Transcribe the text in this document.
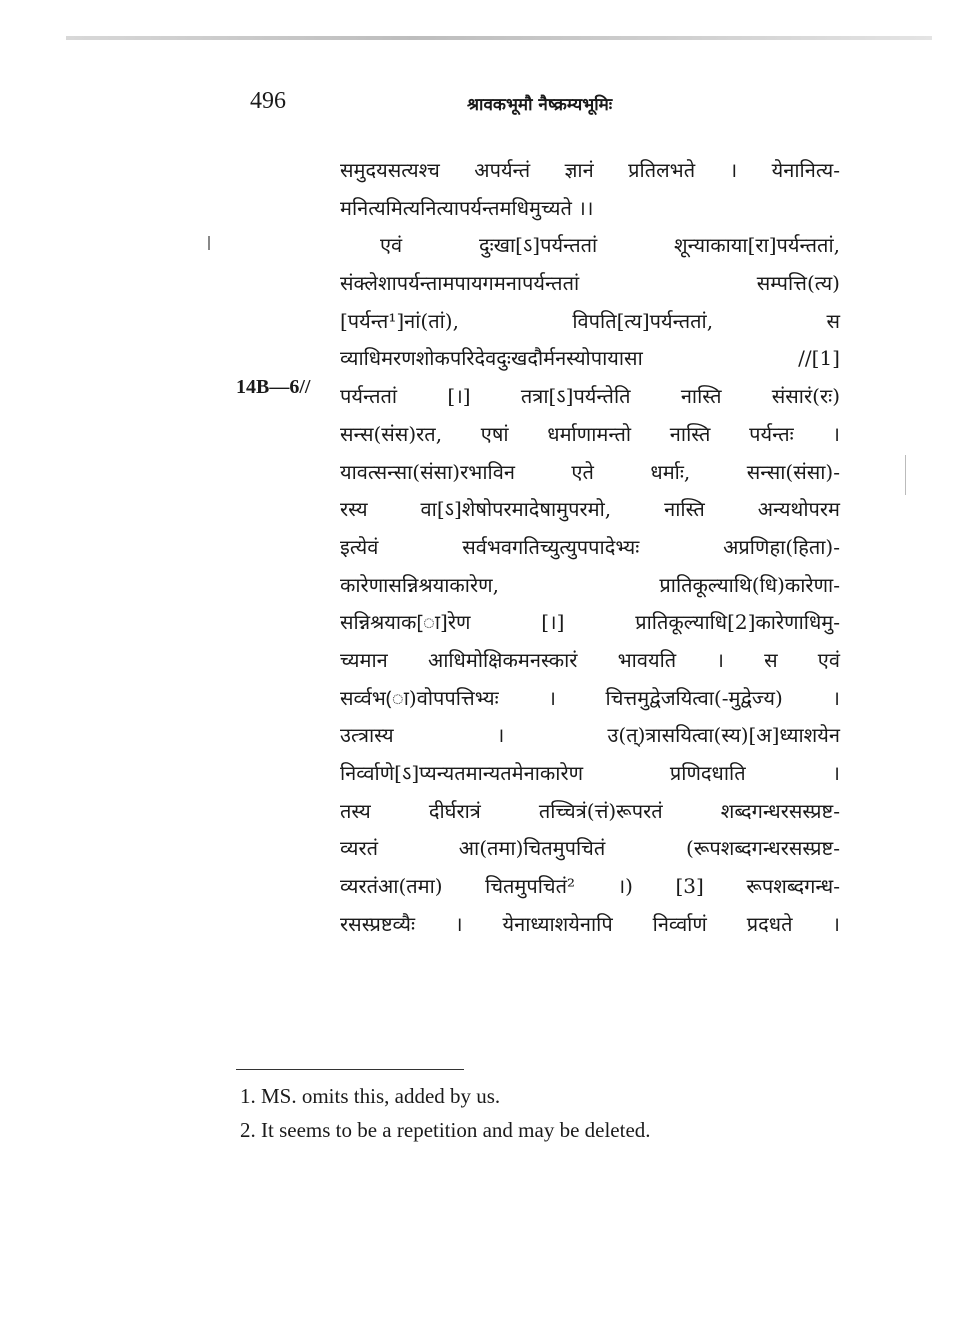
496	श्रावकभूमौ नैष्क्रम्यभूमिः
14B—6//
समुदयसत्यश्च अपर्यन्तं ज्ञानं प्रतिलभते । येनानित्य-
मनित्यमित्यनित्यापर्यन्तमधिमुच्यते ।।
एवं दुःखा[ऽ]पर्यन्ततां शून्याकाया[रा]पर्यन्ततां,
संक्लेशापर्यन्तामपायगमनापर्यन्ततां सम्पत्ति(त्य)
[पर्यन्त¹]नां(तां), विपति[त्य]पर्यन्ततां, स
व्याधिमरणशोकपरिदेवदुःखदौर्मनस्योपायासा //[1]
पर्यन्ततां [।] तत्रा[ऽ]पर्यन्तेति नास्ति संसारं(रः)
सन्स(संस)रत, एषां धर्माणामन्तो नास्ति पर्यन्तः ।
यावत्सन्सा(संसा)रभाविन एते धर्माः, सन्सा(संसा)-
रस्य वा[ऽ]शेषोपरमादेषामुपरमो, नास्ति अन्यथोपरम
इत्येवं सर्वभवगतिच्युत्युपपादेभ्यः अप्रणिहा(हिता)-
कारेणासन्निश्रयाकारेण, प्रातिकूल्याथि(धि)कारेणा-
सन्निश्रयाक[ा]रेण [।] प्रातिकूल्याधि[2]कारेणाधिमु-
च्यमान आधिमोक्षिकमनस्कारं भावयति । स एवं
सर्व्वभ(ा)वोपपत्तिभ्यः । चित्तमुद्वेजयित्वा(-मुद्वेज्य) ।
उत्त्रास्य । उ(त्)त्रासयित्वा(स्य)[अ]ध्याशयेन
निर्व्वाणे[ऽ]प्यन्यतमान्यतमेनाकारेण प्रणिदधाति ।
तस्य दीर्घरात्रं तच्चित्रं(त्तं)रूपरतं शब्दगन्धरसस्प्रष्ट-
व्यरतं आ(तमा)चितमुपचितं (रूपशब्दगन्धरसस्प्रष्ट-
व्यरतंआ(तमा) चितमुपचितं² ।) [3] रूपशब्दगन्ध-
रसस्प्रष्टव्यैः । येनाध्याशयेनापि निर्व्वाणं प्रदधते ।
1. MS. omits this, added by us.
2. It seems to be a repetition and may be deleted.
